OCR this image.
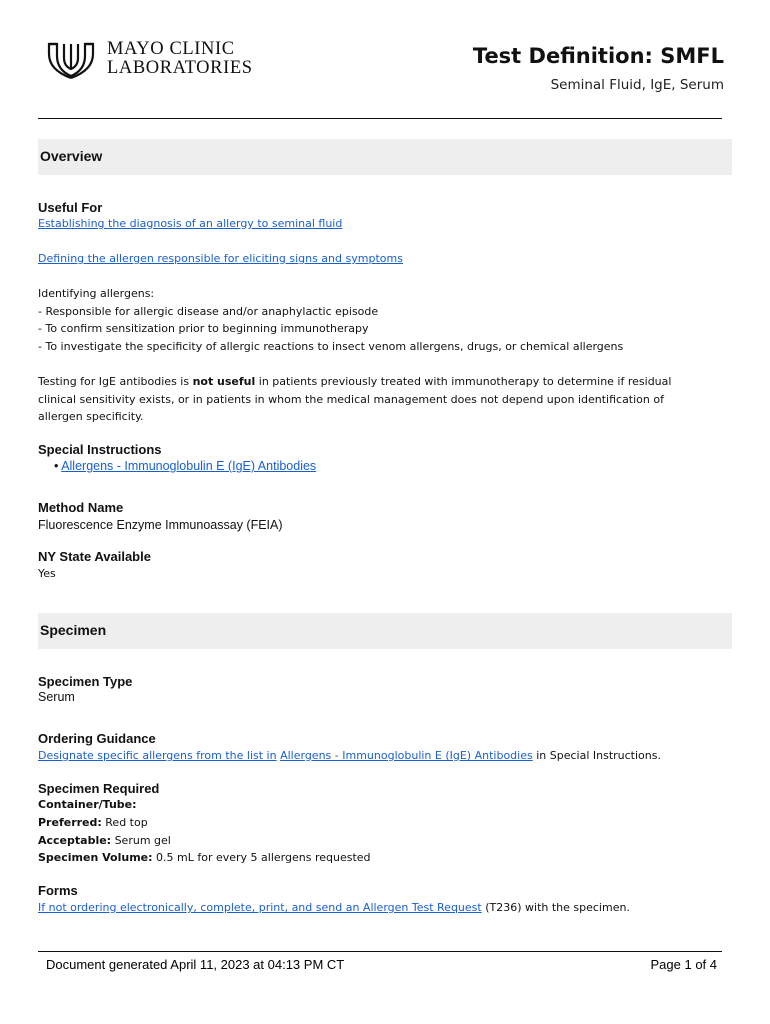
MAYO CLINIC
LABORATORIES	Test Definition: SMFL
Seminal Fluid, IgE, Serum
Overview
Useful For
Establishing the diagnosis of an allergy to seminal fluid
Defining the allergen responsible for eliciting signs and symptoms
Identifying allergens:
- Responsible for allergic disease and/or anaphylactic episode
- To confirm sensitization prior to beginning immunotherapy
- To investigate the specificity of allergic reactions to insect venom allergens, drugs, or chemical allergens
Testing for IgE antibodies is not useful in patients previously treated with immunotherapy to determine if residual
clinical sensitivity exists, or in patients in whom the medical management does not depend upon identification of
allergen specificity.
Special Instructions
• Allergens - Immunoglobulin E (IgE) Antibodies
Method Name
Fluorescence Enzyme Immunoassay (FEIA)
NY State Available
Yes
Specimen
Specimen Type
Serum
Ordering Guidance
Designate specific allergens from the list in Allergens - Immunoglobulin E (IgE) Antibodies in Special Instructions.
Specimen Required
Container/Tube:
Preferred: Red top
Acceptable: Serum gel
Specimen Volume: 0.5 mL for every 5 allergens requested
Forms
If not ordering electronically, complete, print, and send an Allergen Test Request (T236) with the specimen.
Document generated April 11, 2023 at 04:13 PM CT	Page 1 of 4
